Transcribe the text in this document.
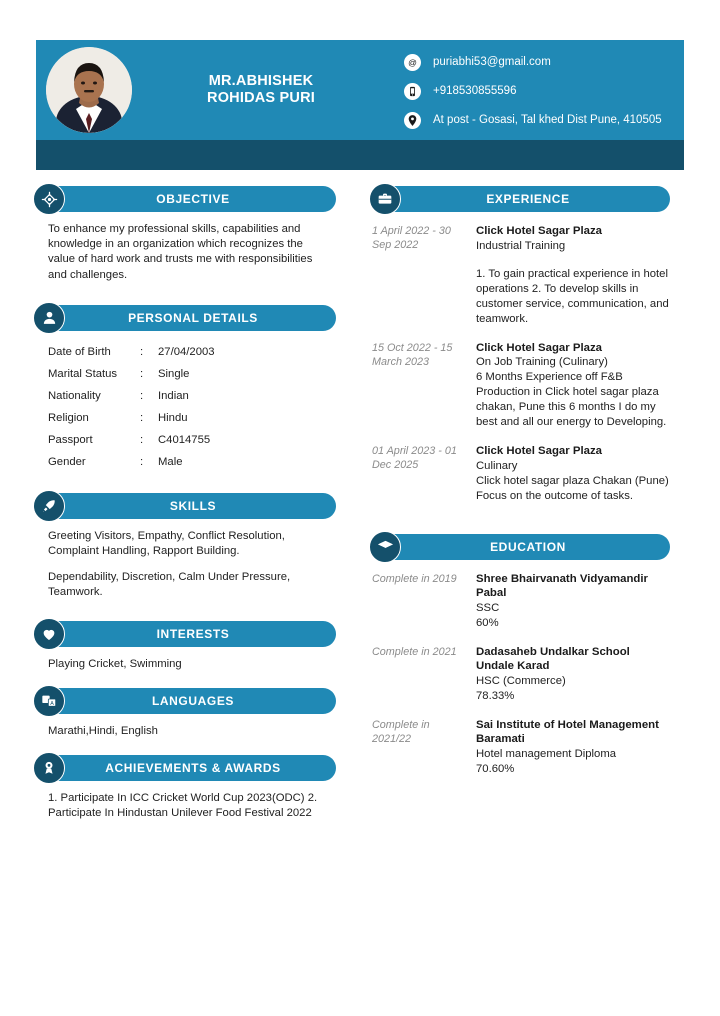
MR.ABHISHEK
ROHIDAS PURI
@ puriabhi53@gmail.com
+918530855596
At post - Gosasi, Tal khed Dist Pune, 410505
OBJECTIVE

To enhance my professional skills, capabilities and knowledge in an organization which recognizes the value of hard work and trusts me with responsibilities and challenges.

PERSONAL DETAILS
Date of Birth	:	27/04/2003
Marital Status	:	Single
Nationality	:	Indian
Religion	:	Hindu
Passport	:	C4014755
Gender	:	Male
SKILLS

Greeting Visitors, Empathy, Conflict Resolution, Complaint Handling, Rapport Building.

Dependability, Discretion, Calm Under Pressure, Teamwork.

INTERESTS

Playing Cricket, Swimming

A	LANGUAGES

Marathi,Hindi, English

ACHIEVEMENTS & AWARDS

1. Participate In ICC Cricket World Cup 2023(ODC) 2. Participate In Hindustan Unilever Food Festival 2022

EXPERIENCE
1 April 2022 - 30 Sep 2022
Click Hotel Sagar Plaza
Industrial Training
1. To gain practical experience in hotel operations 2. To develop skills in customer service, communication, and teamwork.
15 Oct 2022 - 15 March 2023
Click Hotel Sagar Plaza
On Job Training (Culinary)
6 Months Experience off F&B Production in Click hotel sagar plaza chakan, Pune this 6 months I do my best and all our energy to Developing.
01 April 2023 - 01 Dec 2025
Click Hotel Sagar Plaza
Culinary
Click hotel sagar plaza Chakan (Pune) Focus on the outcome of tasks.
EDUCATION
Complete in 2019	Shree Bhairvanath Vidyamandir Pabal
SSC
60%
Complete in 2021	Dadasaheb Undalkar School Undale Karad
HSC (Commerce)
78.33%
Complete in 2021/22
Sai Institute of Hotel Management Baramati
Hotel management Diploma
70.60%
